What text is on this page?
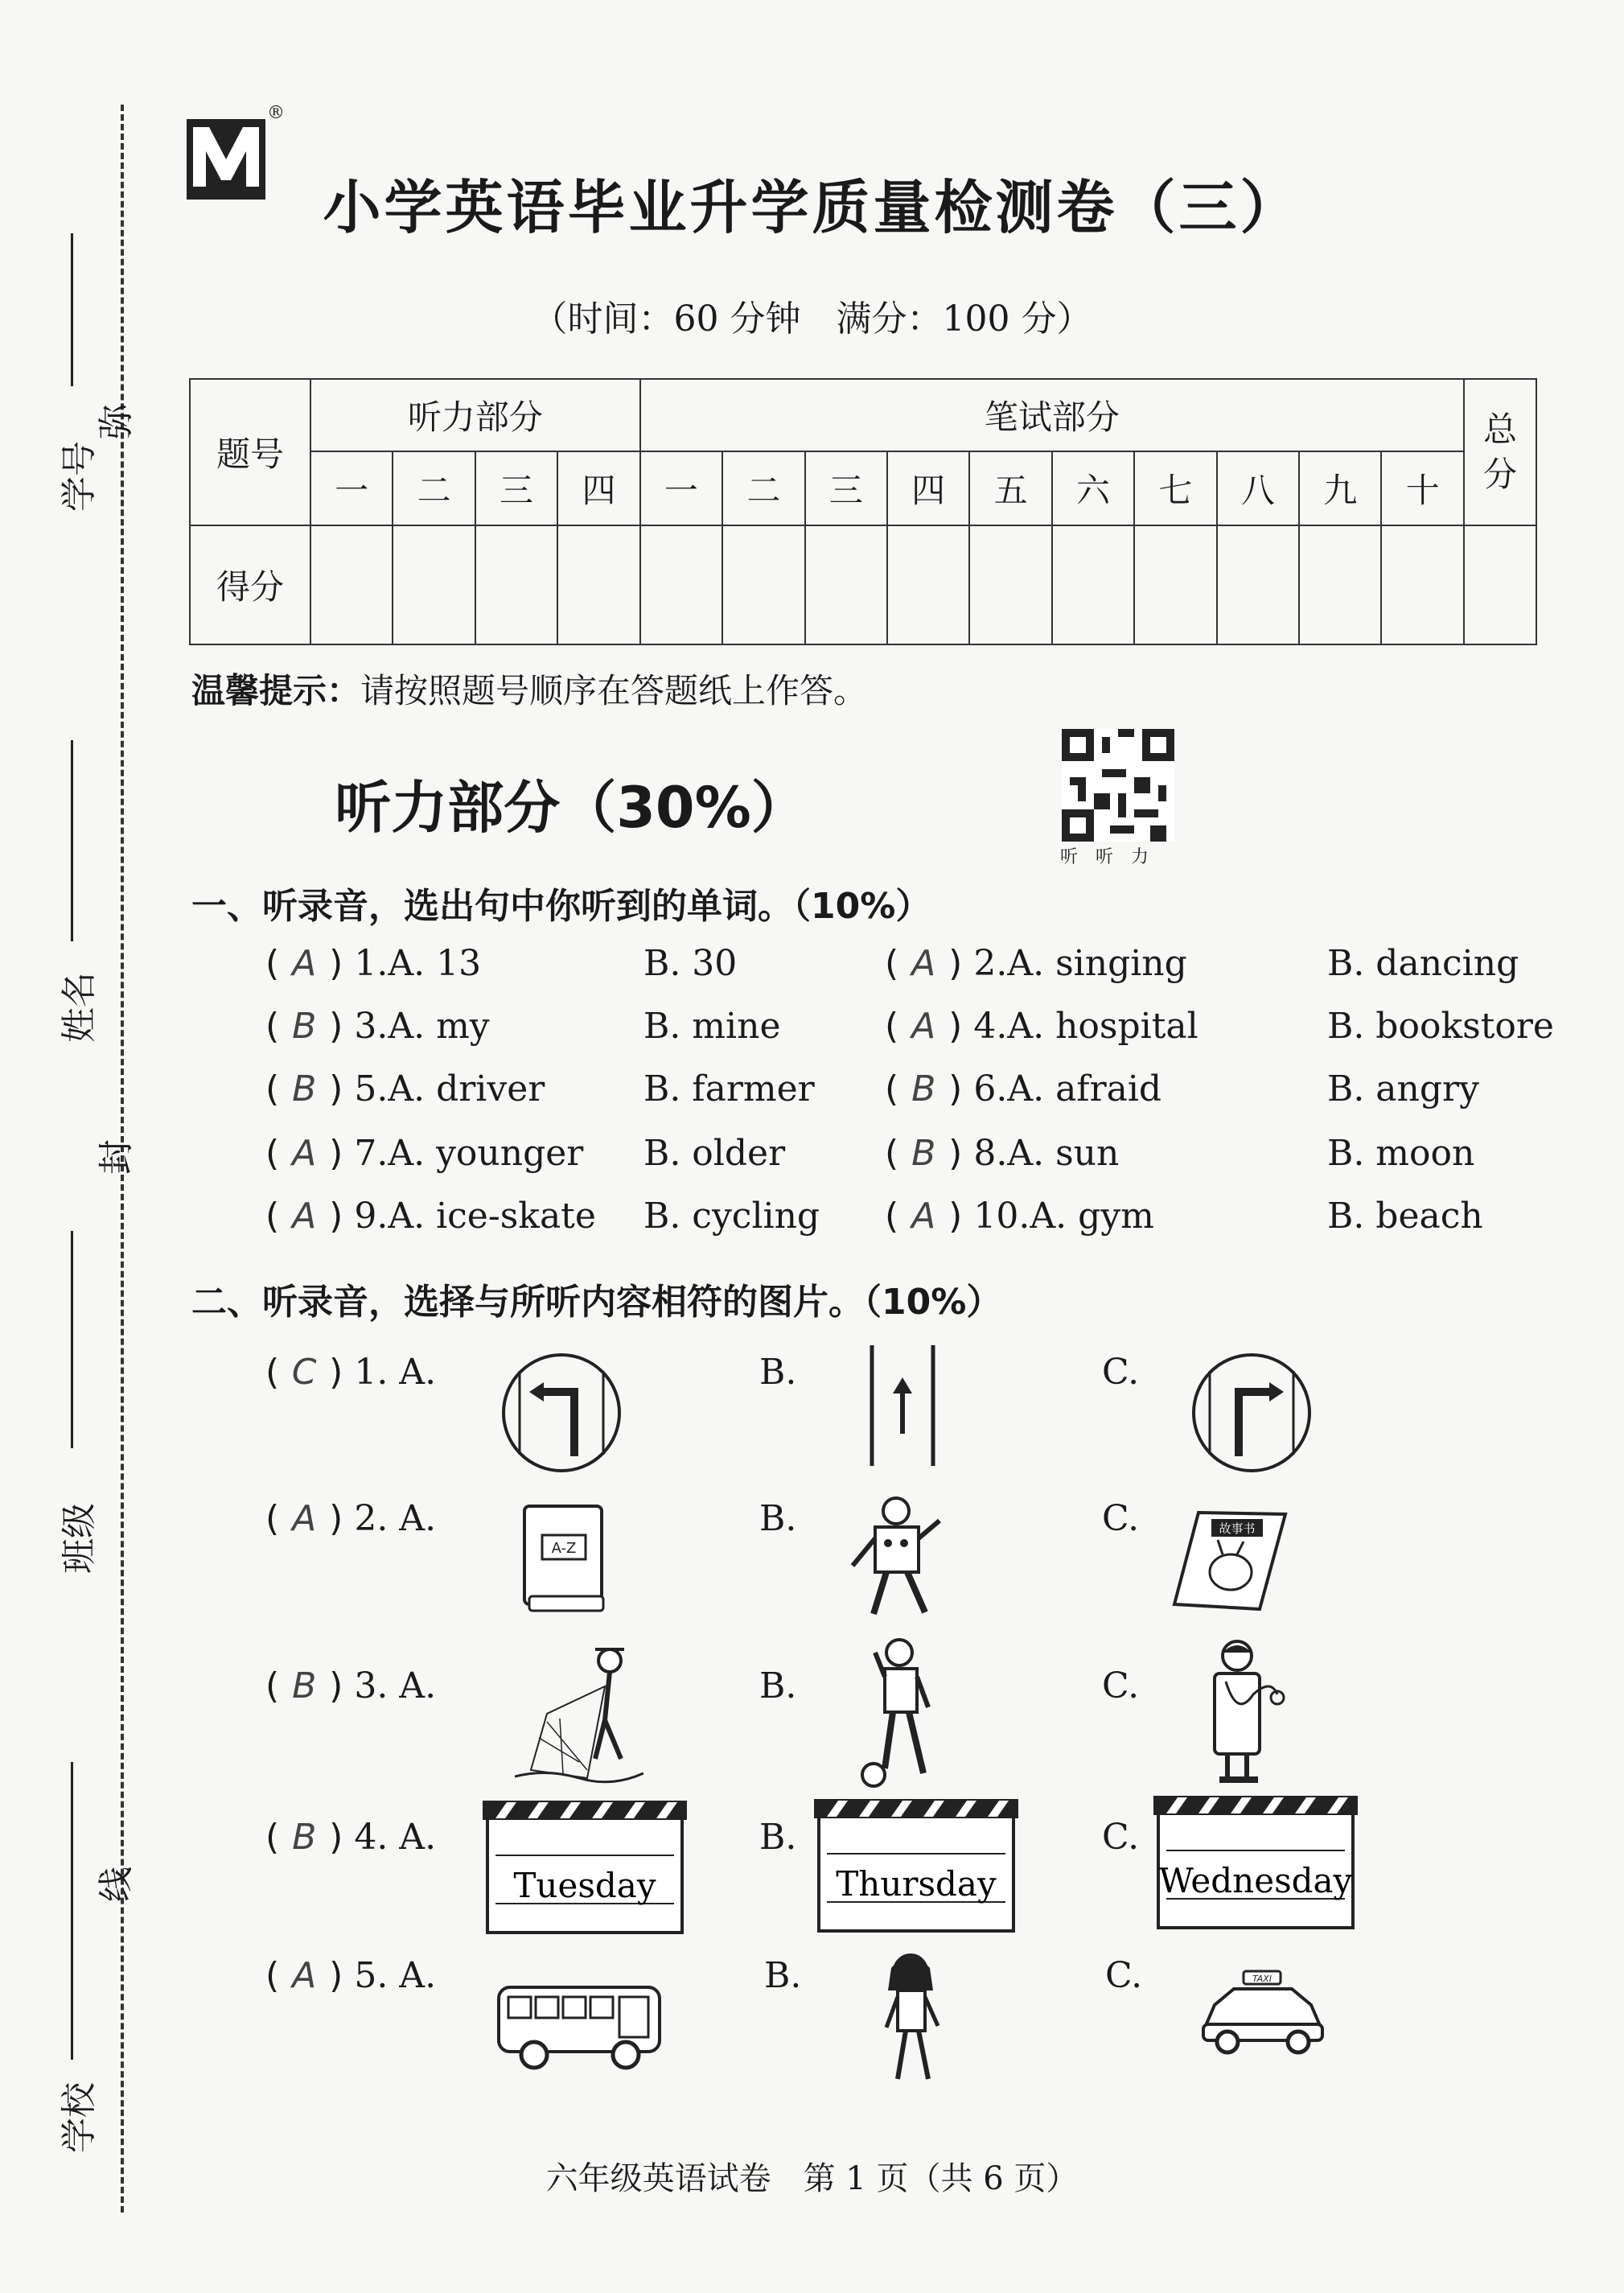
学号
姓名
班级
学校
弥
封
线
®
小学英语毕业升学质量检测卷（三）
（时间：60 分钟　满分：100 分）
题号	听力部分				笔试部分										总分
	一	二	三	四	一	二	三	四	五	六	七	八	九	十	
得分															
温馨提示：请按照题号顺序在答题纸上作答。
听力部分（30%）
听听力
一、听录音，选出句中你听到的单词。（10%）
( A ) 1.A. 13	B. 30	( A ) 2.A. singing	B. dancing
( B ) 3.A. my	B. mine	( A ) 4.A. hospital	B. bookstore
( B ) 5.A. driver	B. farmer ( B ) 6.A. afraid	B. angry
( A ) 7.A. younger B. older	( B ) 8.A. sun	B. moon
( A ) 9.A. ice-skate B. cycling ( A ) 10.A. gym	B. beach
二、听录音，选择与所听内容相符的图片。（10%）
( C ) 1. A.	B.	C.
( A ) 2. A.
A-Z
B.	C.	故事书
( B ) 3. A.	B.	C.
( B ) 4. A.
Tuesday
B.
Thursday
C.
Wednesday
( A ) 5. A.	B.	C.	TAXI
六年级英语试卷　第 1 页（共 6 页）
